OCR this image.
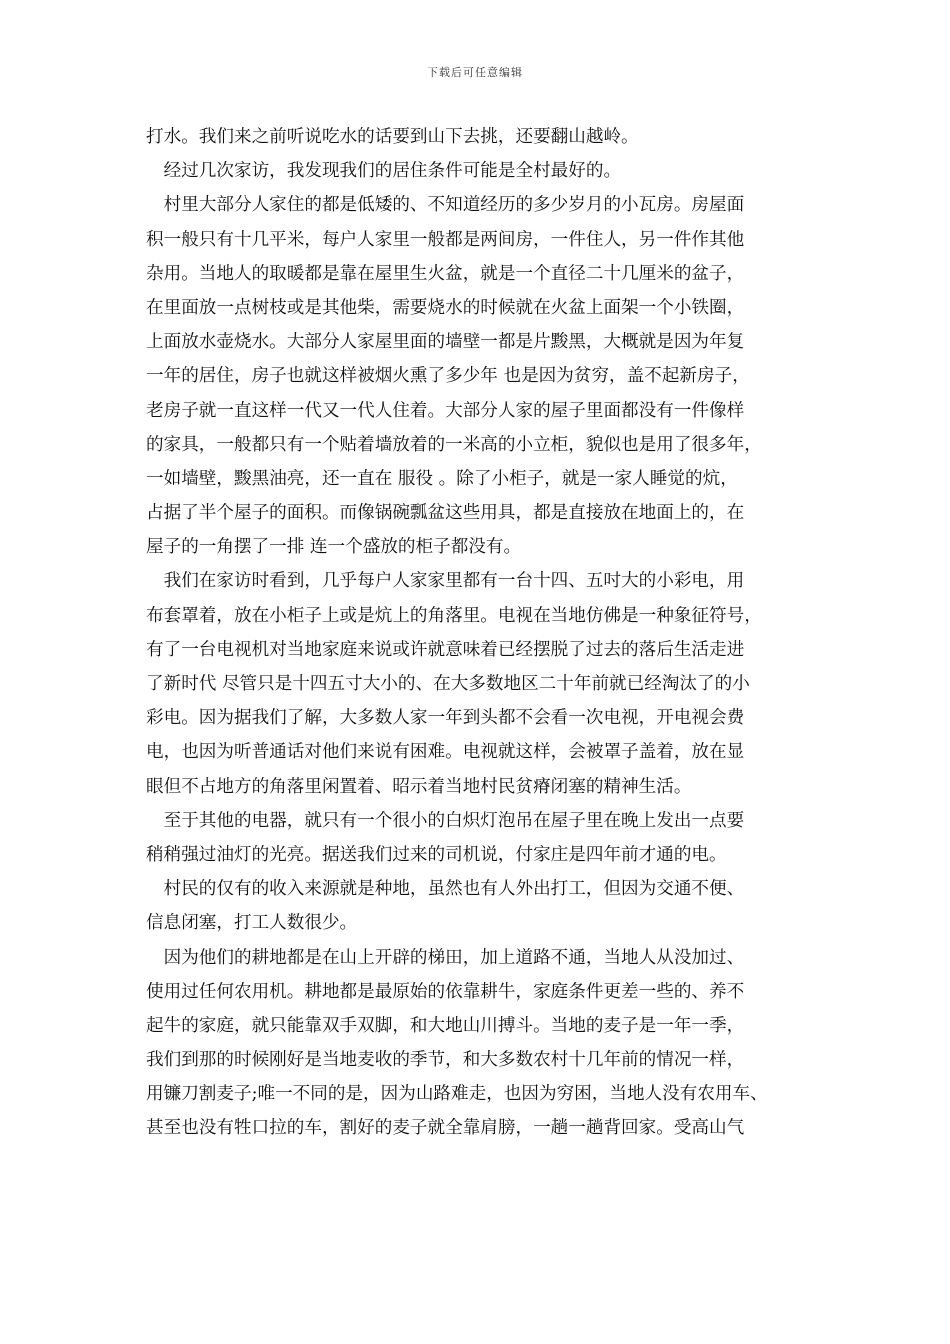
下载后可任意编辑
打水。我们来之前听说吃水的话要到山下去挑，还要翻山越岭。
　经过几次家访，我发现我们的居住条件可能是全村最好的。
　村里大部分人家住的都是低矮的、不知道经历的多少岁月的小瓦房。房屋面
积一般只有十几平米，每户人家里一般都是两间房，一件住人，另一件作其他
杂用。当地人的取暖都是靠在屋里生火盆，就是一个直径二十几厘米的盆子，
在里面放一点树枝或是其他柴，需要烧水的时候就在火盆上面架一个小铁圈，
上面放水壶烧水。大部分人家屋里面的墙壁一都是片黢黑，大概就是因为年复
一年的居住，房子也就这样被烟火熏了多少年 也是因为贫穷，盖不起新房子，
老房子就一直这样一代又一代人住着。大部分人家的屋子里面都没有一件像样
的家具，一般都只有一个贴着墙放着的一米高的小立柜，貌似也是用了很多年，
一如墙壁，黢黑油亮，还一直在 服役 。除了小柜子，就是一家人睡觉的炕，
占据了半个屋子的面积。而像锅碗瓢盆这些用具，都是直接放在地面上的，在
屋子的一角摆了一排 连一个盛放的柜子都没有。
　我们在家访时看到，几乎每户人家家里都有一台十四、五吋大的小彩电，用
布套罩着，放在小柜子上或是炕上的角落里。电视在当地仿佛是一种象征符号，
有了一台电视机对当地家庭来说或许就意味着已经摆脱了过去的落后生活走进
了新时代 尽管只是十四五寸大小的、在大多数地区二十年前就已经淘汰了的小
彩电。因为据我们了解，大多数人家一年到头都不会看一次电视，开电视会费
电，也因为听普通话对他们来说有困难。电视就这样，会被罩子盖着，放在显
眼但不占地方的角落里闲置着、昭示着当地村民贫瘠闭塞的精神生活。
　至于其他的电器，就只有一个很小的白炽灯泡吊在屋子里在晚上发出一点要
稍稍强过油灯的光亮。据送我们过来的司机说，付家庄是四年前才通的电。
　村民的仅有的收入来源就是种地，虽然也有人外出打工，但因为交通不便、
信息闭塞，打工人数很少。
　因为他们的耕地都是在山上开辟的梯田，加上道路不通，当地人从没加过、
使用过任何农用机。耕地都是最原始的依靠耕牛，家庭条件更差一些的、养不
起牛的家庭，就只能靠双手双脚，和大地山川搏斗。当地的麦子是一年一季，
我们到那的时候刚好是当地麦收的季节，和大多数农村十几年前的情况一样，
用镰刀割麦子;唯一不同的是，因为山路难走，也因为穷困，当地人没有农用车、
甚至也没有牲口拉的车，割好的麦子就全靠肩膀，一趟一趟背回家。受高山气
